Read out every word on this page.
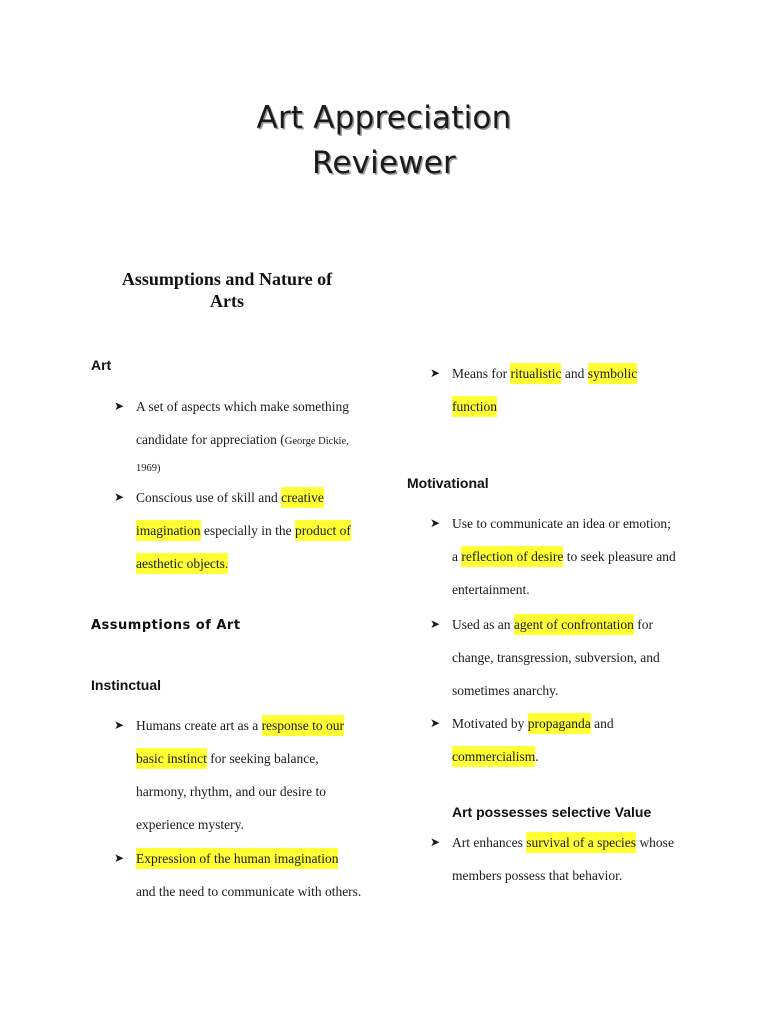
Art Appreciation
Reviewer
Assumptions and Nature of
Arts
Art
➤ A set of aspects which make something
candidate for appreciation (George Dickie,
1969)
➤ Conscious use of skill and creative
imagination especially in the product of
aesthetic objects.
Assumptions of Art
Instinctual
➤ Humans create art as a response to our
basic instinct for seeking balance,
harmony, rhythm, and our desire to
experience mystery.
➤ Expression of the human imagination
and the need to communicate with others.
➤ Means for ritualistic and symbolic
function
Motivational
➤ Use to communicate an idea or emotion;
a reflection of desire to seek pleasure and
entertainment.
➤ Used as an agent of confrontation for
change, transgression, subversion, and
sometimes anarchy.
➤ Motivated by propaganda and
commercialism.
Art possesses selective Value
➤ Art enhances survival of a species whose
members possess that behavior.
